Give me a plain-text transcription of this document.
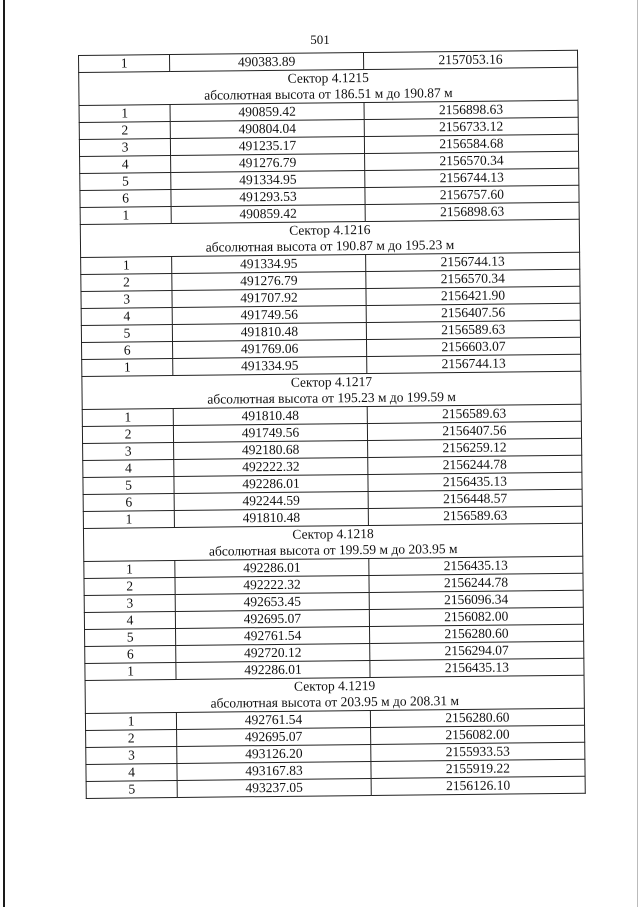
501
1	490383.89	2157053.16

Сектор 4.1215
абсолютная высота от 186.51 м до 190.87 м		

1	490859.42	2156898.63
2	490804.04	2156733.12
3	491235.17	2156584.68
4	491276.79	2156570.34
5	491334.95	2156744.13
6	491293.53	2156757.60
1	490859.42	2156898.63

Сектор 4.1216
абсолютная высота от 190.87 м до 195.23 м		

1	491334.95	2156744.13
2	491276.79	2156570.34
3	491707.92	2156421.90
4	491749.56	2156407.56
5	491810.48	2156589.63
6	491769.06	2156603.07
1	491334.95	2156744.13

Сектор 4.1217
абсолютная высота от 195.23 м до 199.59 м		

1	491810.48	2156589.63
2	491749.56	2156407.56
3	492180.68	2156259.12
4	492222.32	2156244.78
5	492286.01	2156435.13
6	492244.59	2156448.57
1	491810.48	2156589.63

Сектор 4.1218
абсолютная высота от 199.59 м до 203.95 м		

1	492286.01	2156435.13
2	492222.32	2156244.78
3	492653.45	2156096.34
4	492695.07	2156082.00
5	492761.54	2156280.60
6	492720.12	2156294.07
1	492286.01	2156435.13

Сектор 4.1219
абсолютная высота от 203.95 м до 208.31 м		

1	492761.54	2156280.60
2	492695.07	2156082.00
3	493126.20	2155933.53
4	493167.83	2155919.22
5	493237.05	2156126.10
